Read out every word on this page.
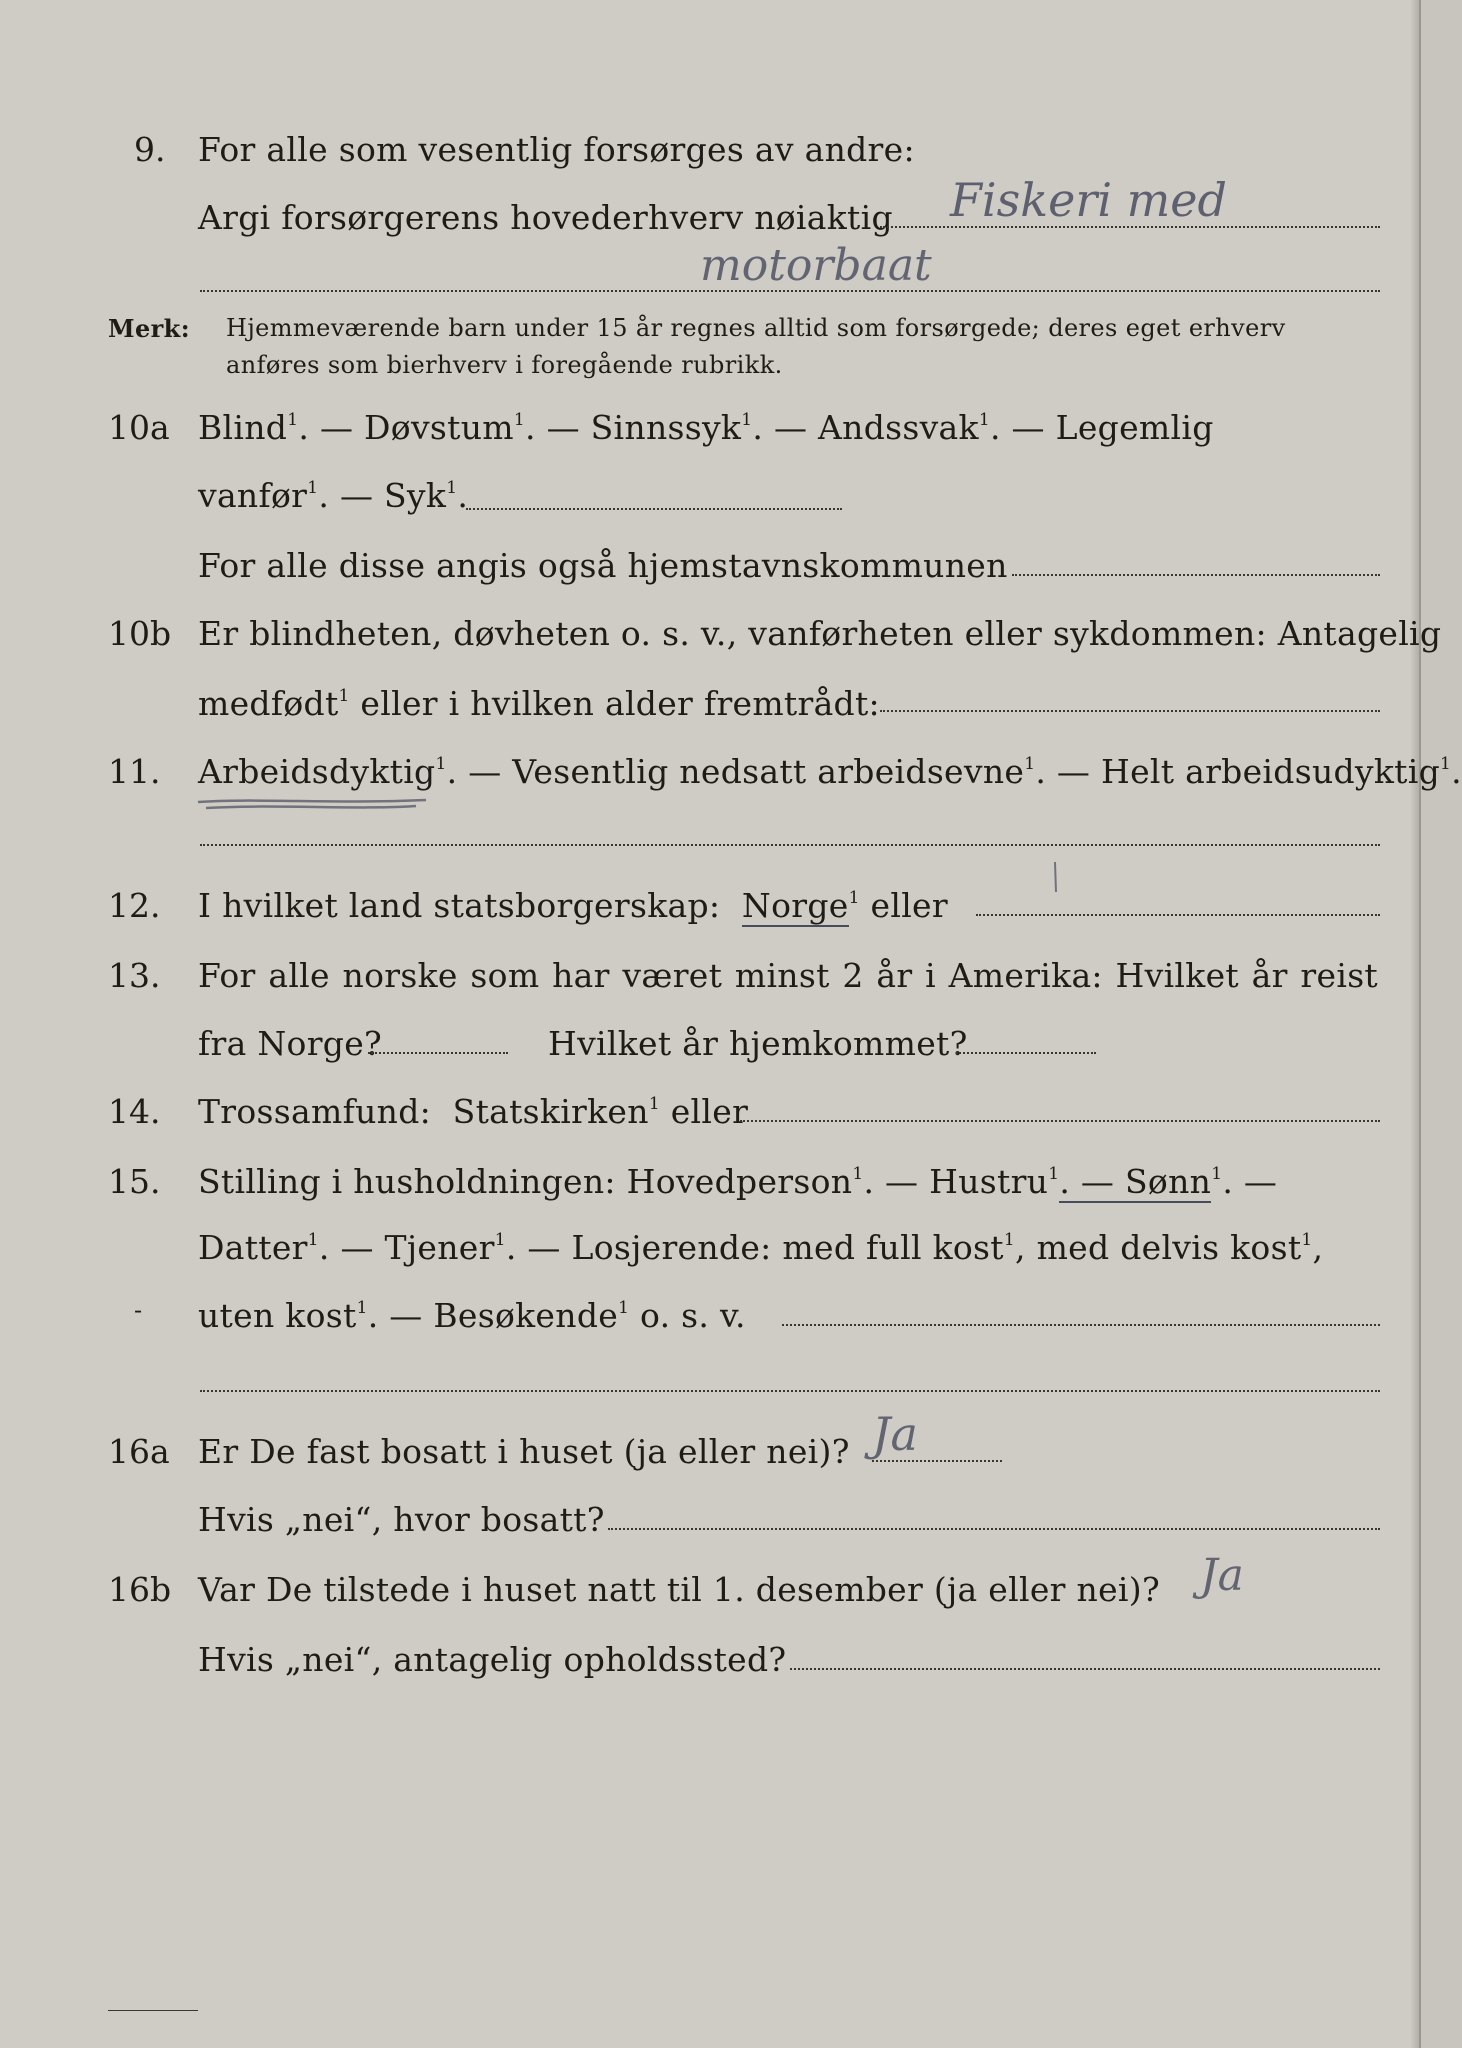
9. For alle som vesentlig forsørges av andre:
Argi forsørgerens hovederhverv nøiaktig Fiskeri med
motorbaat
Merk: Hjemmeværende barn under 15 år regnes alltid som forsørgede; deres eget erhverv
anføres som bierhverv i foregående rubrikk.
10a Blind$^1$. — Døvstum$^1$. — Sinnssyk$^1$. — Andssvak$^1$. — Legemlig
vanfør$^1$. — Syk$^1$.
For alle disse angis også hjemstavnskommunen
10b Er blindheten, døvheten o. s. v., vanførheten eller sykdommen: Antagelig
medfødt$^1$ eller i hvilken alder fremtrådt:
11. Arbeidsdyktig$^1$. — Vesentlig nedsatt arbeidsevne$^1$. — Helt arbeidsudyktig$^1$.
12. I hvilket land statsborgerskap: Norge$^1$ eller
13. For alle norske som har været minst 2 år i Amerika: Hvilket år reist
fra Norge?	Hvilket år hjemkommet?
14. Trossamfund: Statskirken$^1$ eller
15. Stilling i husholdningen: Hovedperson$^1$. — Hustru$^1$. — Sønn$^1$. —
Datter$^1$. — Tjener$^1$. — Losjerende: med full kost$^1$, med delvis kost$^1$,
- uten kost$^1$. — Besøkende$^1$ o. s. v.
16a Er De fast bosatt i huset (ja eller nei)? Ja
Hvis „nei“, hvor bosatt?
16b Var De tilstede i huset natt til 1. desember (ja eller nei)? Ja
Hvis „nei“, antagelig opholdssted?
